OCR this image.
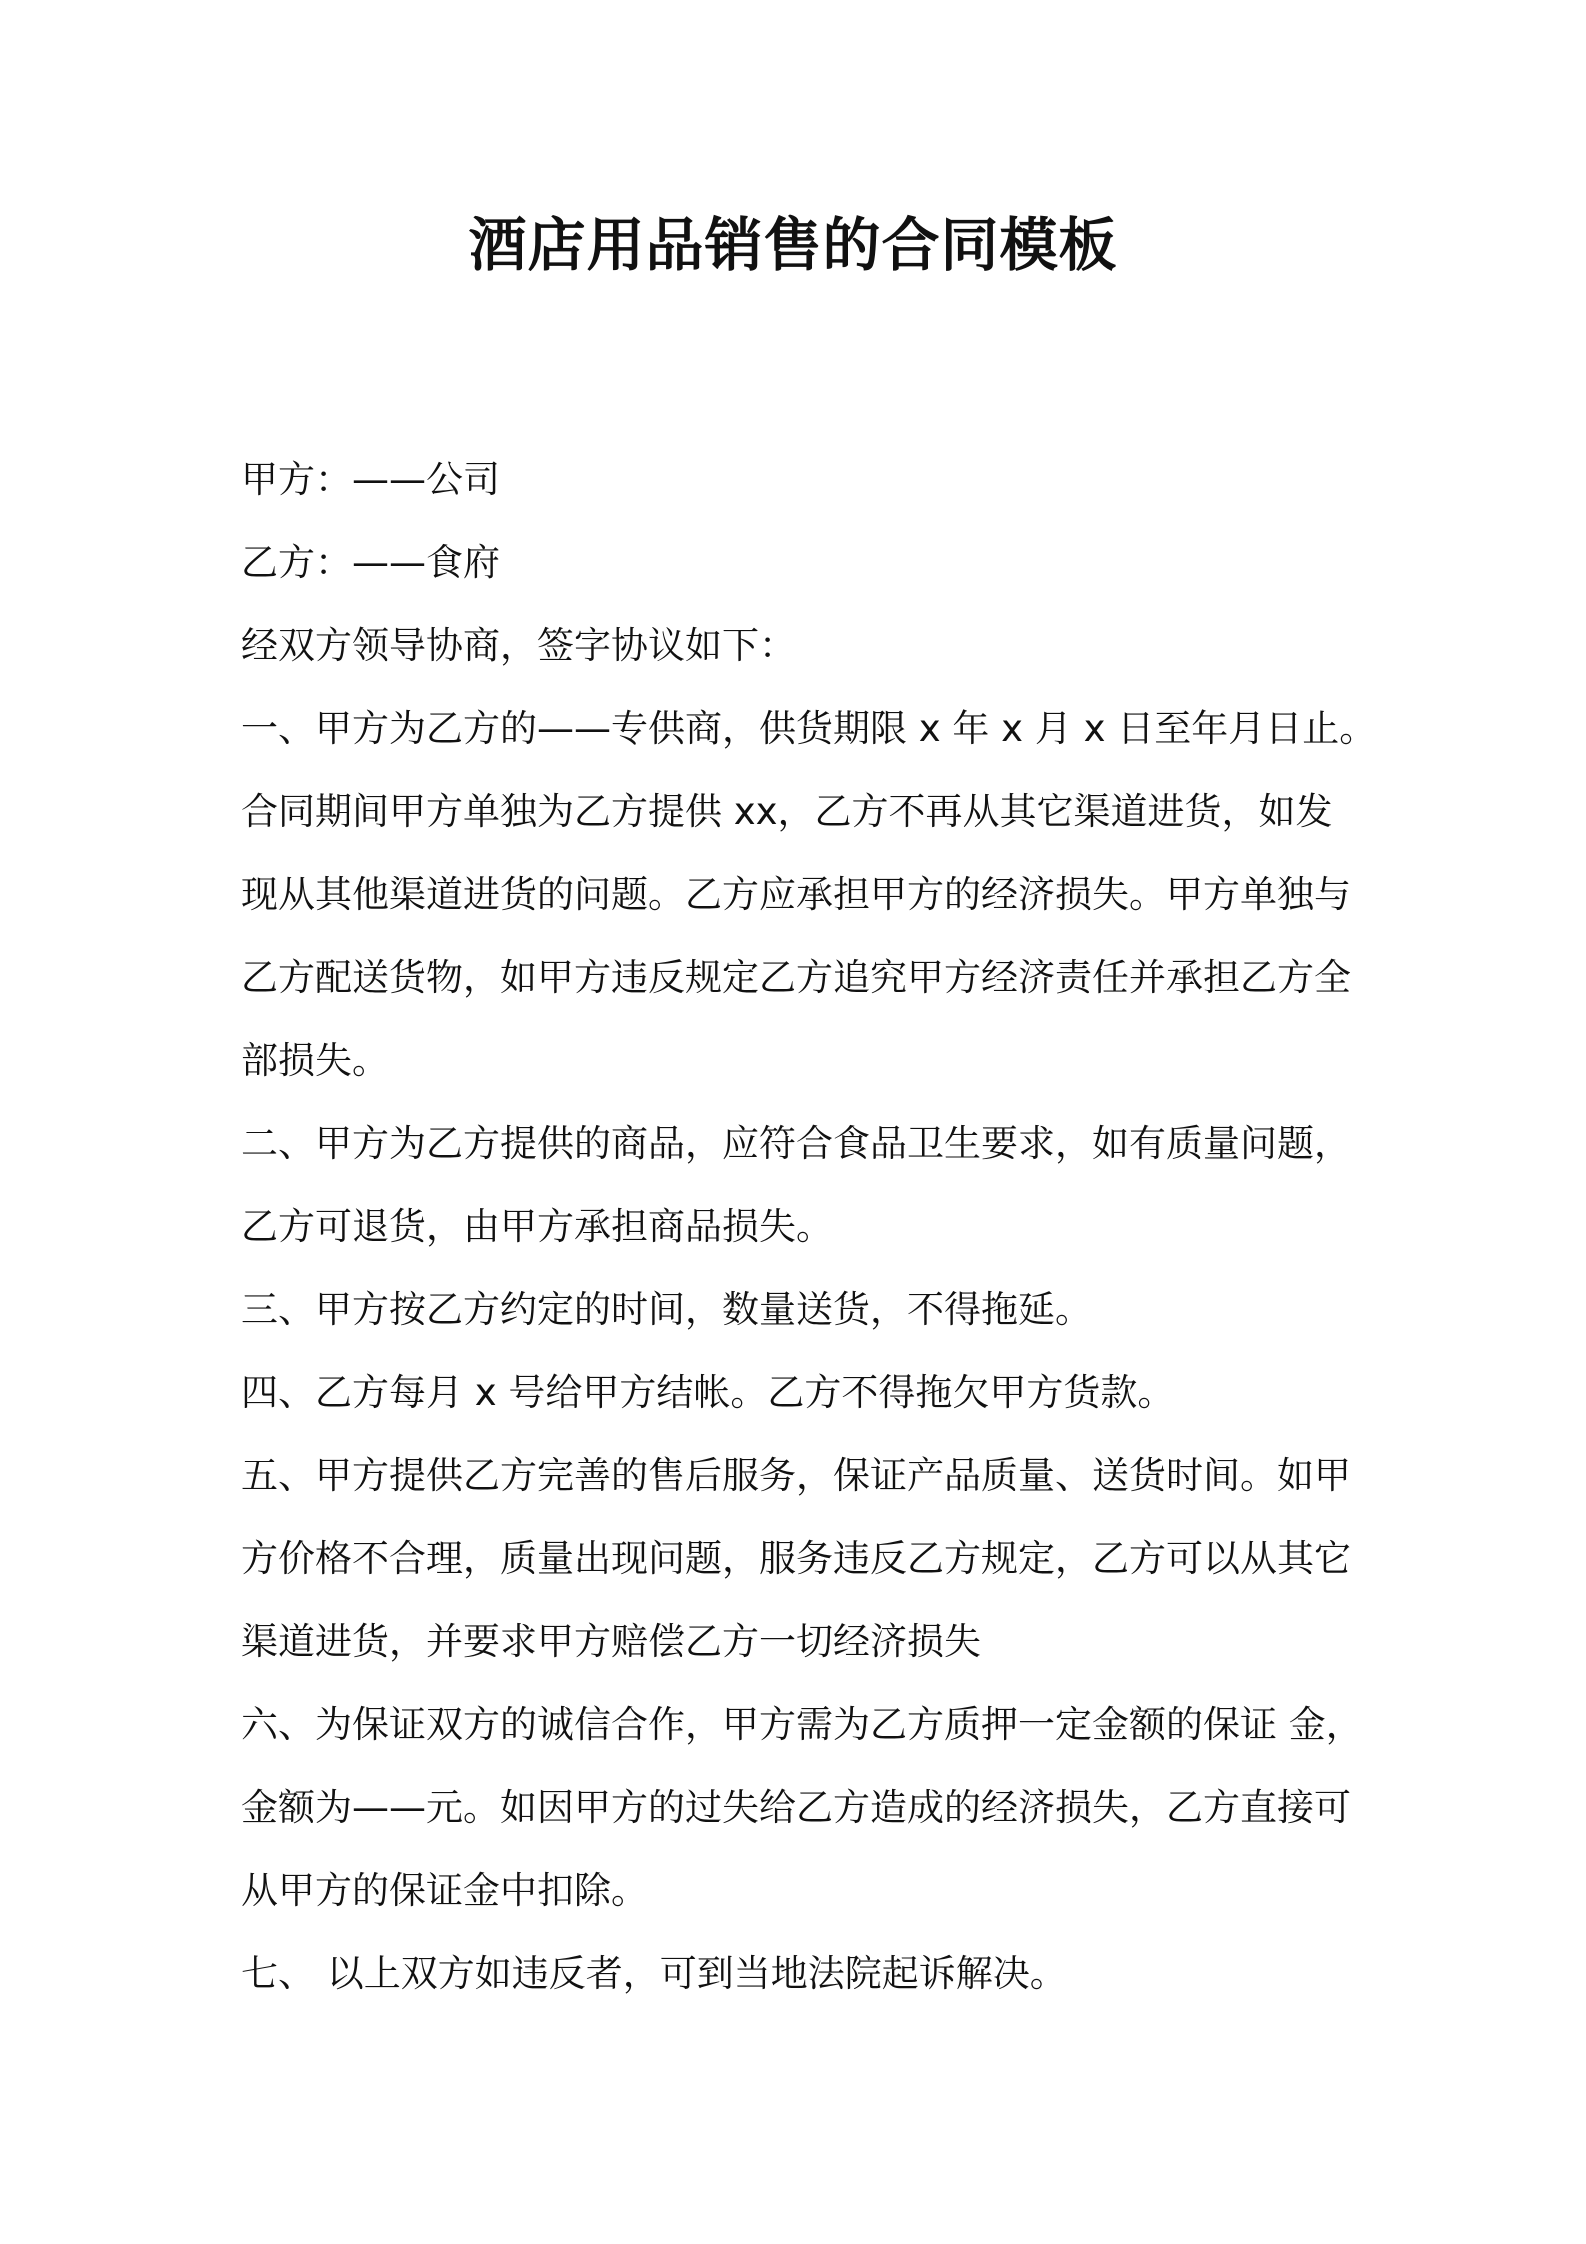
酒店用品销售的合同模板
甲方：——公司
乙方：——食府
经双方领导协商，签字协议如下：
一、甲方为乙方的——专供商，供货期限 x 年 x 月 x 日至年月日止。
合同期间甲方单独为乙方提供 xx，乙方不再从其它渠道进货，如发
现从其他渠道进货的问题。乙方应承担甲方的经济损失。甲方单独与
乙方配送货物，如甲方违反规定乙方追究甲方经济责任并承担乙方全
部损失。
二、甲方为乙方提供的商品，应符合食品卫生要求，如有质量问题，
乙方可退货，由甲方承担商品损失。
三、甲方按乙方约定的时间，数量送货，不得拖延。
四、乙方每月 x 号给甲方结帐。乙方不得拖欠甲方货款。
五、甲方提供乙方完善的售后服务，保证产品质量、送货时间。如甲
方价格不合理，质量出现问题，服务违反乙方规定，乙方可以从其它
渠道进货，并要求甲方赔偿乙方一切经济损失
六、为保证双方的诚信合作，甲方需为乙方质押一定金额的保证 金，
金额为——元。如因甲方的过失给乙方造成的经济损失，乙方直接可
从甲方的保证金中扣除。
七、 以上双方如违反者，可到当地法院起诉解决。
